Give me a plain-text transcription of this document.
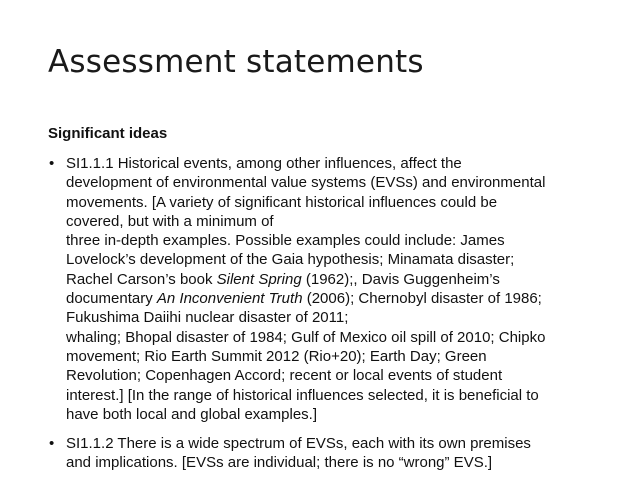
Assessment statements

Significant ideas

• SI1.1.1 Historical events, among other influences, affect the
development of environmental value systems (EVSs) and environmental
movements. [A variety of significant historical influences could be
covered, but with a minimum of
three in-depth examples. Possible examples could include: James
Lovelock’s development of the Gaia hypothesis; Minamata disaster;
Rachel Carson’s book Silent Spring (1962);, Davis Guggenheim’s
documentary An Inconvenient Truth (2006); Chernobyl disaster of 1986;
Fukushima Daiihi nuclear disaster of 2011;
whaling; Bhopal disaster of 1984; Gulf of Mexico oil spill of 2010; Chipko
movement; Rio Earth Summit 2012 (Rio+20); Earth Day; Green
Revolution; Copenhagen Accord; recent or local events of student
interest.] [In the range of historical influences selected, it is beneficial to
have both local and global examples.]
• SI1.1.2 There is a wide spectrum of EVSs, each with its own premises
and implications. [EVSs are individual; there is no “wrong” EVS.]
